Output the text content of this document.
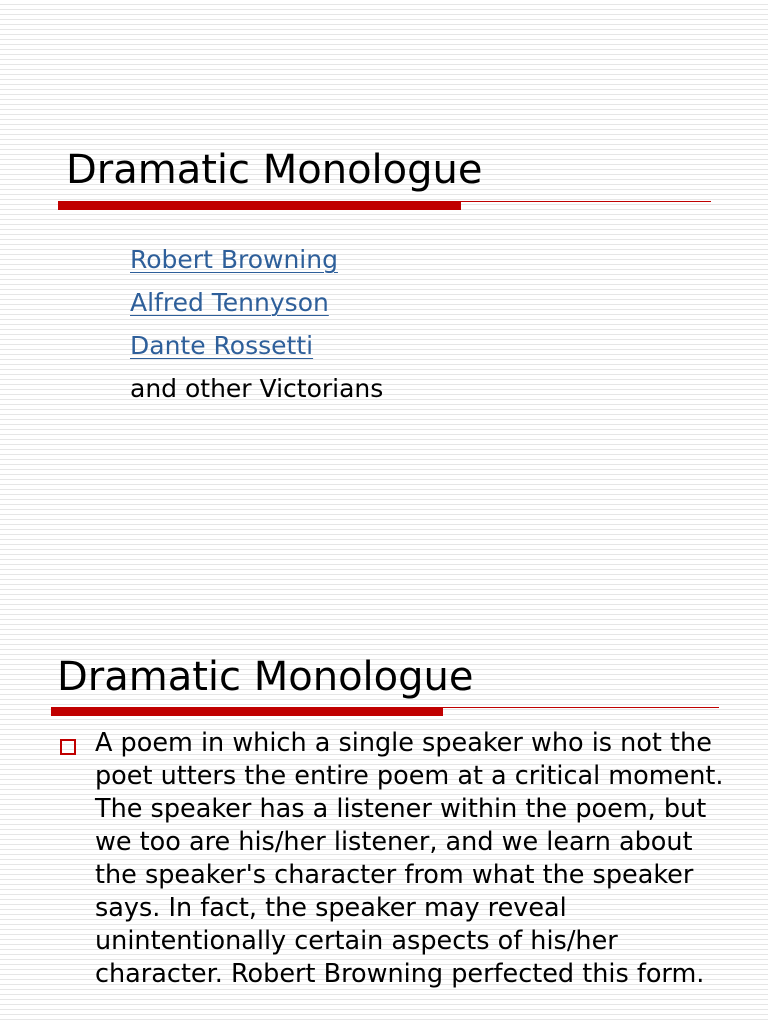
Dramatic Monologue
Robert Browning
Alfred Tennyson
Dante Rossetti
and other Victorians
Dramatic Monologue

A poem in which a single speaker who is not the poet utters the entire poem at a critical moment. The speaker has a listener within the poem, but we too are his/her listener, and we learn about the speaker's character from what the speaker says. In fact, the speaker may reveal unintentionally certain aspects of his/her character. Robert Browning perfected this form.
